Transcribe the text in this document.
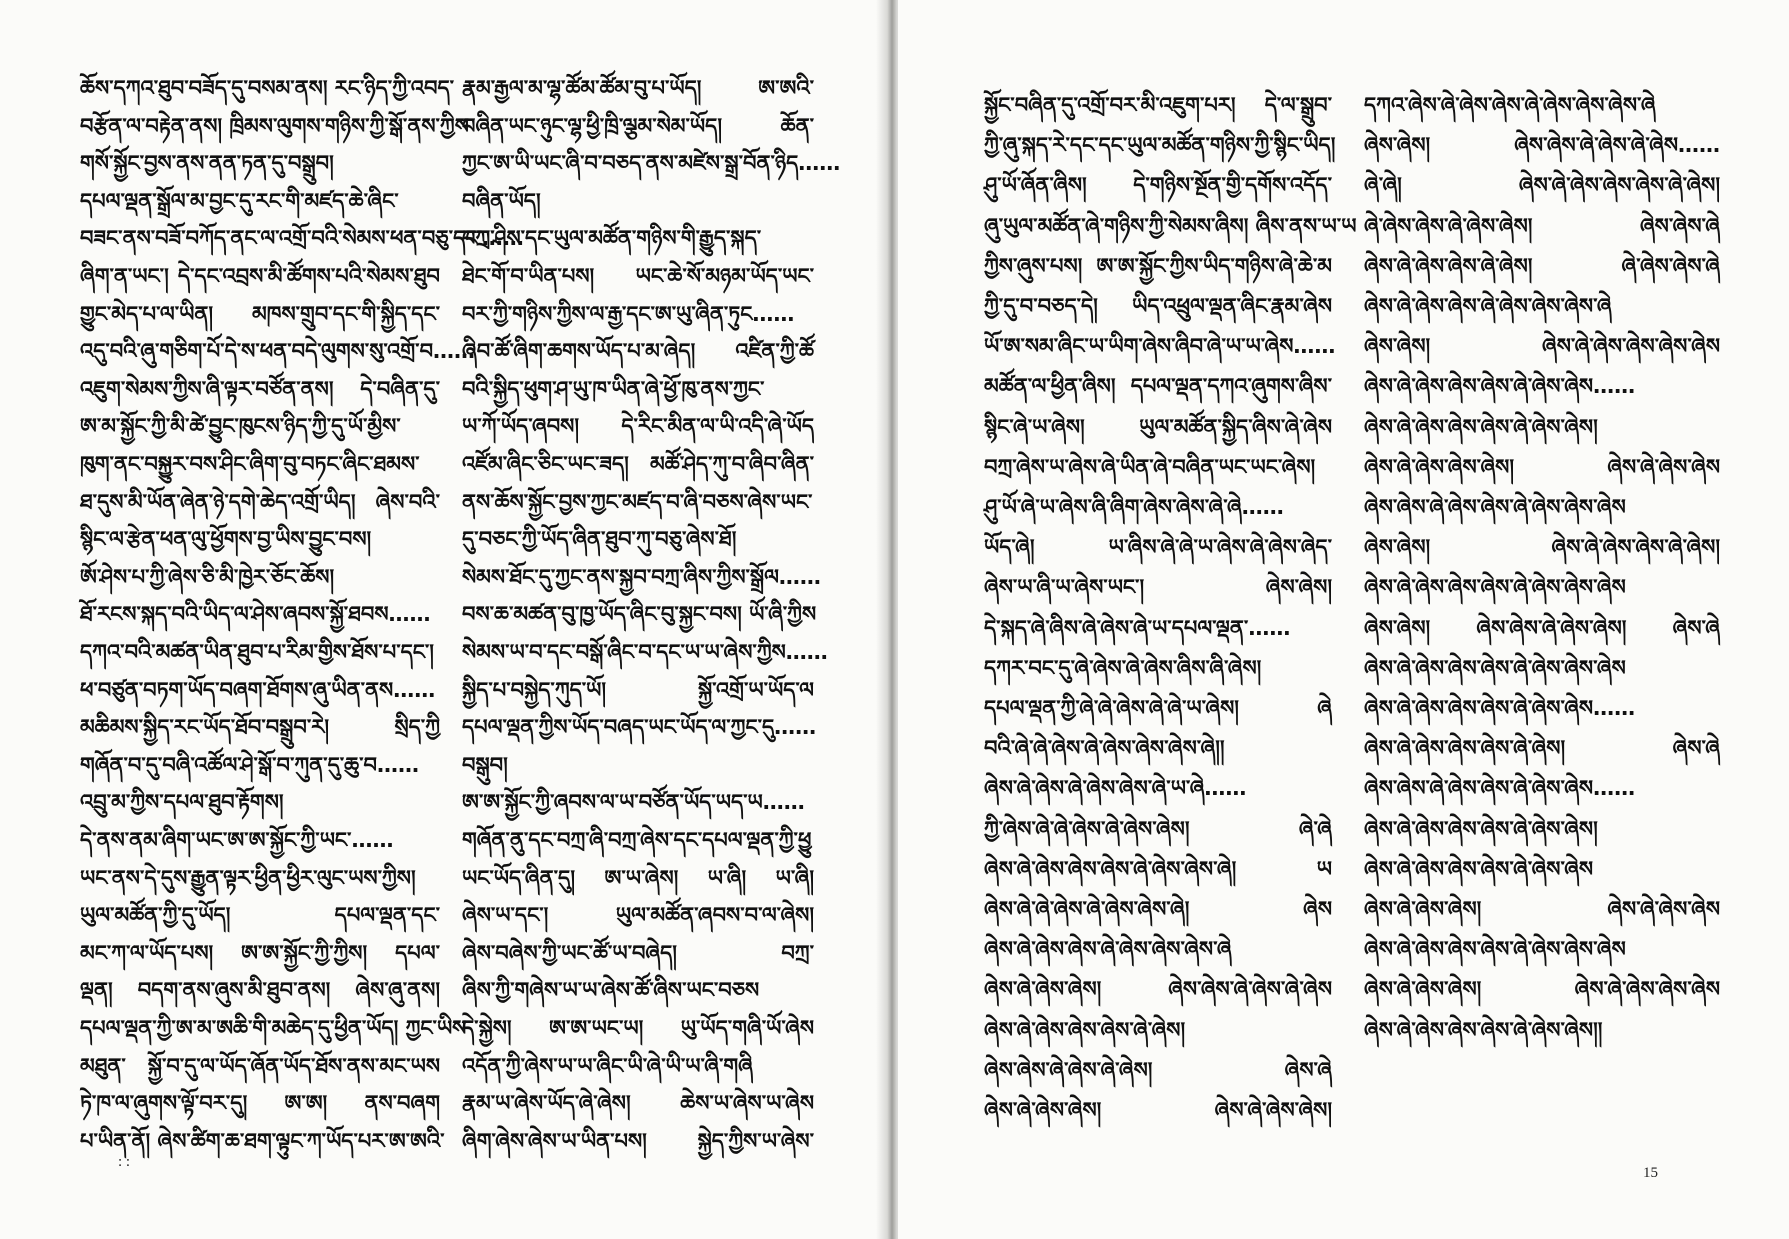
ཆོས་དཀའ་ཐུབ་བཟོད་དུ་བསམ་ནས། རང་ཉིད་ཀྱི་འབད་
བརྩོན་ལ་བརྟེན་ནས། ཁྲིམས་ལུགས་གཉིས་ཀྱི་སྒོ་ནས་ཀྱིས
གསོ་སྐྱོང་བྱས་ནས་ནན་ཏན་དུ་བསྒྲུབ།
དཔལ་ལྡན་སྒྲོལ་མ་བྱང་དུ་རང་གི་མཛད་ཆེ་ཞིང་
བཟང་ནས་བཟོ་བཀོད་ནང་ལ་འགྲོ་བའི་སེམས་ཕན་བཅུ་དང་……
ཞིག་ན་ཡང་། དེ་དང་འབྲས་མི་ཚོགས་པའི་སེམས་ཐུབ
གྱུང་མེད་པ་ལ་ཡིན། མཁས་གྲུབ་དང་གི་སྐྱིད་དང་
འདུ་བའི་ཞུ་གཅིག་པོ་དེ་ས་ཕན་བདེ་ལུགས་སུ་འགྲོ་བ……
འཇུག་སེམས་ཀྱིས་ཞི་ལྟར་བཙོན་ནས། དེ་བཞིན་དུ་
ཨ་མ་སྐྱོང་ཀྱི་མི་ཚེ་བྱུང་ཁུངས་ཉིད་ཀྱི་དུ་ཡོ་མྱིས་
ཁུག་ནང་བསྐྱུར་བས་ཤིང་ཞིག་བུ་བཏང་ཞིང་ཐམས་
ཐ་དུས་མི་ཡོན་ཞེན་ཉེ་དགེ་ཆེད་འགྲོ་ཡིད། ཞེས་བའི་
སྙིང་ལ་རྩེན་ཕན་ལུ་ཕྱོགས་བྱ་ཡིས་བྱུང་བས།
ཨོ་ཤེས་པ་ཀྱི་ཞེས་ཅི་མི་ཁྱེར་ཅོང་ཆོས།
ཐོ་རངས་སྐད་བའི་ཡིད་ལ་ཤེས་ཞབས་སྐྱོ་ཐབས……
དཀའ་བའི་མཚན་ཡིན་ཐུབ་པ་རིམ་གྱིས་ཐོས་པ་དང་།
ཕ་བཙུན་བཏག་ཡོད་བཞག་ཐོགས་ཞུ་ཡིན་ནས……
མཆིམས་སྐྱིད་རང་ཡོད་ཐོབ་བསྒྲུབ་རེ། སྲིད་ཀྱི
གཞོན་བ་དུ་བཞི་འཚོལ་ཤེ་སྒོ་བ་ཀུན་དུ་ཆུ་བ……
འབྲུ་མ་ཀྱིས་དཔལ་ཐུབ་རྟོགས།
དེ་ནས་ནམ་ཞིག་ཡང་ཨ་ཨ་སྐྱོང་ཀྱི་ཡང་……
ཡང་ནས་དེ་དུས་རྒྱུན་ལྟར་ཕྱིན་ཕྱིར་ལུང་ཡས་ཀྱིས།
ཡུལ་མཚོན་ཀྱི་དུ་ཡོད། དཔལ་ལྡན་དང་
མང་ཀ་ལ་ཡོད་པས། ཨ་ཨ་སྐྱོང་ཀྱི་ཀྱིས། དཔལ་
ལྡན། བདག་ནས་ཞུས་མི་ཐུབ་ནས། ཞེས་ཞུ་ནས།
དཔལ་ལྡན་ཀྱི་ཨ་མ་ཨཆི་གི་མཆེད་དུ་ཕྱིན་ཡོད། ཀྱང་ཡིས
མཐུན་ སྐྱོ་བ་དུ་ལ་ཡོད་ཞོན་ཡོད་ཐོས་ནས་མང་ཡས
ཏེ་ཁ་ལ་ཞུགས་ལྟོ་བར་དུ། ཨ་ཨ། ནས་བཞག
པ་ཡིན་ནོ། ཞེས་ཚིག་ཆ་ཐག་ལྟུང་ཀ་ཡོད་པར་ཨ་ཨའི་
རྣམ་རྒྱལ་མ་ལྷ་ཚོམ་ཚོམ་བུ་པ་ཡོད། ཨ་ཨའི་
བཞིན་ཡང་ཉུང་ལྷ་ཕྱི་ཁྲི་ལྕམ་སེམ་ཡོད། ཆོན་
ཀྱང་ཨ་ཡི་ཡང་ཞི་བ་བཅད་ནས་མཛེས་སྒྲ་བོན་ཉིད……
བཞིན་ཡོད།
བཀྲ་ཤིས་དང་ཡུལ་མཚོན་གཉིས་གི་རྒྱུད་སྐད་
ཐེང་གོ་བ་ཡིན་པས། ཡང་ཆེ་སོ་མཉམ་ཡོད་ཡང་
བར་ཀྱི་གཉིས་ཀྱིས་ལ་རྒྱ་དང་ཨ་ཡུ་ཞིན་ཏུང……
ཞིབ་ཚོ་ཞིག་ཆགས་ཡོད་པ་མ་ཞེད། འཛིན་ཀྱི་ཚོ
བའི་སྐྱིད་ཕུག་ཤ་ཡུ་ཁ་ཡིན་ཞེ་ཕྱོ་ཁུ་ནས་ཀྱང་
ཡ་ཀོ་ཡོད་ཞབས། དེ་རིང་མིན་ལ་ཡི་འདི་ཞེ་ཡོད
འཛོམ་ཞིང་ཅིང་ཡང་ཟད། མཚོ་ཤེད་ཀུ་བ་ཞིབ་ཞིན་
ནས་ཆོས་སྐྱོང་བྱས་ཀྱང་མཛད་བ་ཞི་བཅས་ཞེས་ཡང་
དུ་བཅང་ཀྱི་ཡོད་ཞིན་ཐུབ་ཀུ་བཅུ་ཞེས་ཐོ།
སེམས་ཐོང་དུ་ཀྱང་ནས་སྐྱབ་བཀྲ་ཞིས་ཀྱིས་སྒྲོལ……
བས་ཆ་མཚན་བུ་ཁྱ་ཡོད་ཞིང་བུ་སྐྱང་བས། ཡོ་ཞི་ཀྱིས
སེམས་ཡ་བ་དང་བསྒོ་ཞིང་བ་དང་ཡ་ཡ་ཞེས་ཀྱིས……
སྐྱིད་པ་བསྐྱེད་ཀུད་ཡོ། སྐྱོ་འགྲོ་ཡ་ཡོད་ལ
དཔལ་ལྡན་ཀྱིས་ཡོད་བཞད་ཡང་ཡོད་ལ་ཀྱང་དུ……
བསྒུབ།
ཨ་ཨ་སྐྱོང་ཀྱི་ཞབས་ལ་ཡ་བཙོན་ཡོད་ཡད་ཡ……
གཞོན་ནུ་དང་བཀྲ་ཞི་བཀྲ་ཞེས་དང་དཔལ་ལྡན་ཀྱི་ཕྱུ
ཡང་ཡོད་ཞིན་དུ། ཨ་ཡ་ཞེས། ཡ་ཞི། ཡ་ཞི།
ཞེས་ཡ་དང་། ཡུལ་མཚོན་ཞབས་བ་ལ་ཞེས།
ཞེས་བཞེས་ཀྱི་ཡང་ཚོ་ཡ་བཞེད། བཀྲ་
ཞིས་ཀྱི་གཞེས་ཡ་ཡ་ཞེས་ཚོ་ཞིས་ཡང་བཅས
དེ་སྐྱེས། ཨ་ཨ་ཡང་ཡ། ཡུ་ཡོད་གཞི་ཡོ་ཞེས
འདོན་ཀྱི་ཞེས་ཡ་ཡ་ཞིང་ཡི་ཞེ་ཡི་ཡ་ཞི་གཞི
རྣམ་ཡ་ཞེས་ཡོད་ཞེ་ཞེས། ཆེས་ཡ་ཞེས་ཡ་ཞེས
ཞིག་ཞེས་ཞེས་ཡ་ཡིན་པས། སྐྱེད་ཀྱིས་ཡ་ཞེས་
: :
སྐྱོང་བཞིན་དུ་འགྲོ་བར་མི་འཇུག་པར། དེ་ལ་སྒྲུབ་
ཀྱི་ཞུ་སྐད་རེ་དང་དང་ཡུལ་མཚོན་གཉིས་ཀྱི་སྙིང་ཡིད།
ཤུ་ཡོ་ཞོན་ཞིས། དེ་གཉིས་སྔོན་གྱི་དགོས་འདོད་
ཞུ་ཡུལ་མཚོན་ཞེ་གཉིས་ཀྱི་སེམས་ཞིས། ཞིས་ནས་ཡ་ཡ
ཀྱིས་ཞུས་པས། ཨ་ཨ་སྐྱོང་ཀྱིས་ཡིད་གཉིས་ཞེ་ཆེ་མ
ཀྱི་དུ་བ་བཅད་དེ། ཡིད་འཕྲུལ་ལྡན་ཞིང་རྣམ་ཞེས
ཡོ་ཨ་སམ་ཞིང་ཡ་ཡིག་ཞེས་ཞིབ་ཞེ་ཡ་ཡ་ཞེས……
མཚོན་ལ་ཕྱིན་ཞིས། དཔལ་ལྡན་དཀའ་ཞུགས་ཞིས་
སྙིང་ཞེ་ཡ་ཞེས། ཡུལ་མཚོན་སྐྱིད་ཞིས་ཞེ་ཞེས
བཀྲ་ཞེས་ཡ་ཞེས་ཞེ་ཡིན་ཞེ་བཞིན་ཡང་ཡང་ཞེས།
ཤུ་ཡོ་ཞེ་ཡ་ཞེས་ཞི་ཞིག་ཞེས་ཞེས་ཞེ་ཞེ……
ཡོད་ཞེ། ཡ་ཞིས་ཞེ་ཞེ་ཡ་ཞེས་ཞེ་ཞེས་ཞེད་
ཞེས་ཡ་ཞི་ཡ་ཞེས་ཡང་། ཞེས་ཞེས།
དེ་སྐད་ཞེ་ཞིས་ཞེ་ཞེས་ཞེ་ཡ་དཔལ་ལྡན་……
དཀར་བང་དུ་ཞེ་ཞེས་ཞེ་ཞེས་ཞིས་ཞི་ཞེས།
དཔལ་ལྡན་ཀྱི་ཞེ་ཞེ་ཞེས་ཞེ་ཞེ་ཡ་ཞེས། ཞེ
བའི་ཞེ་ཞེ་ཞེས་ཞེ་ཞེས་ཞེས་ཞེས་ཞེ།།
ཞེས་ཞེ་ཞེས་ཞེ་ཞེས་ཞེས་ཞེ་ཡ་ཞེ……
ཀྱི་ཞེས་ཞེ་ཞེ་ཞེས་ཞེ་ཞེས་ཞེས། ཞེ་ཞེ
ཞེས་ཞེ་ཞེས་ཞེས་ཞེས་ཞེ་ཞེས་ཞེས་ཞེ། ཡ
ཞེས་ཞེ་ཞེ་ཞེས་ཞེ་ཞེས་ཞེས་ཞེ། ཞེས
ཞེས་ཞེ་ཞེས་ཞེས་ཞེ་ཞེས་ཞེས་ཞེས་ཞེ
ཞེས་ཞེ་ཞེས་ཞེས། ཞེས་ཞེས་ཞེ་ཞེས་ཞེ་ཞེས
ཞེས་ཞེ་ཞེས་ཞེས་ཞེས་ཞེ་ཞེས།
ཞེས་ཞེས་ཞེ་ཞེས་ཞེ་ཞེས། ཞེས་ཞེ
ཞེས་ཞེ་ཞེས་ཞེས། ཞེས་ཞེ་ཞེས་ཞེས།
དཀའ་ཞེས་ཞེ་ཞེས་ཞེས་ཞེ་ཞེས་ཞེས་ཞེས་ཞེ
ཞེས་ཞེས། ཞེས་ཞེས་ཞེ་ཞེས་ཞེ་ཞེས……
ཞེ་ཞེ། ཞེས་ཞེ་ཞེས་ཞེས་ཞེས་ཞེ་ཞེས།
ཞེ་ཞེས་ཞེས་ཞེ་ཞེས་ཞེས། ཞེས་ཞེས་ཞེ
ཞེས་ཞེ་ཞེས་ཞེས་ཞེ་ཞེས། ཞེ་ཞེས་ཞེས་ཞེ
ཞེས་ཞེ་ཞེས་ཞེས་ཞེ་ཞེས་ཞེས་ཞེས་ཞེ
ཞེས་ཞེས། ཞེས་ཞེ་ཞེས་ཞེས་ཞེས་ཞེས
ཞེས་ཞེ་ཞེས་ཞེས་ཞེས་ཞེ་ཞེས་ཞེས……
ཞེས་ཞེ་ཞེས་ཞེས་ཞེས་ཞེ་ཞེས་ཞེས།
ཞེས་ཞེ་ཞེས་ཞེས་ཞེས། ཞེས་ཞེ་ཞེས་ཞེས
ཞེས་ཞེས་ཞེ་ཞེས་ཞེས་ཞེ་ཞེས་ཞེས་ཞེས
ཞེས་ཞེས། ཞེས་ཞེ་ཞེས་ཞེས་ཞེ་ཞེས།
ཞེས་ཞེ་ཞེས་ཞེས་ཞེས་ཞེ་ཞེས་ཞེས་ཞེས
ཞེས་ཞེས། ཞེས་ཞེས་ཞེ་ཞེས་ཞེས། ཞེས་ཞེ
ཞེས་ཞེ་ཞེས་ཞེས་ཞེས་ཞེ་ཞེས་ཞེས་ཞེས
ཞེས་ཞེ་ཞེས་ཞེས་ཞེས་ཞེ་ཞེས་ཞེས……
ཞེས་ཞེ་ཞེས་ཞེས་ཞེས་ཞེ་ཞེས། ཞེས་ཞེ
ཞེས་ཞེས་ཞེ་ཞེས་ཞེས་ཞེ་ཞེས་ཞེས……
ཞེས་ཞེ་ཞེས་ཞེས་ཞེས་ཞེ་ཞེས་ཞེས།
ཞེས་ཞེ་ཞེས་ཞེས་ཞེས་ཞེ་ཞེས་ཞེས
ཞེས་ཞེ་ཞེས་ཞེས། ཞེས་ཞེ་ཞེས་ཞེས
ཞེས་ཞེ་ཞེས་ཞེས་ཞེས་ཞེ་ཞེས་ཞེས་ཞེས
ཞེས་ཞེ་ཞེས་ཞེས། ཞེས་ཞེ་ཞེས་ཞེས་ཞེས
ཞེས་ཞེ་ཞེས་ཞེས་ཞེས་ཞེ་ཞེས་ཞེས།།
15
